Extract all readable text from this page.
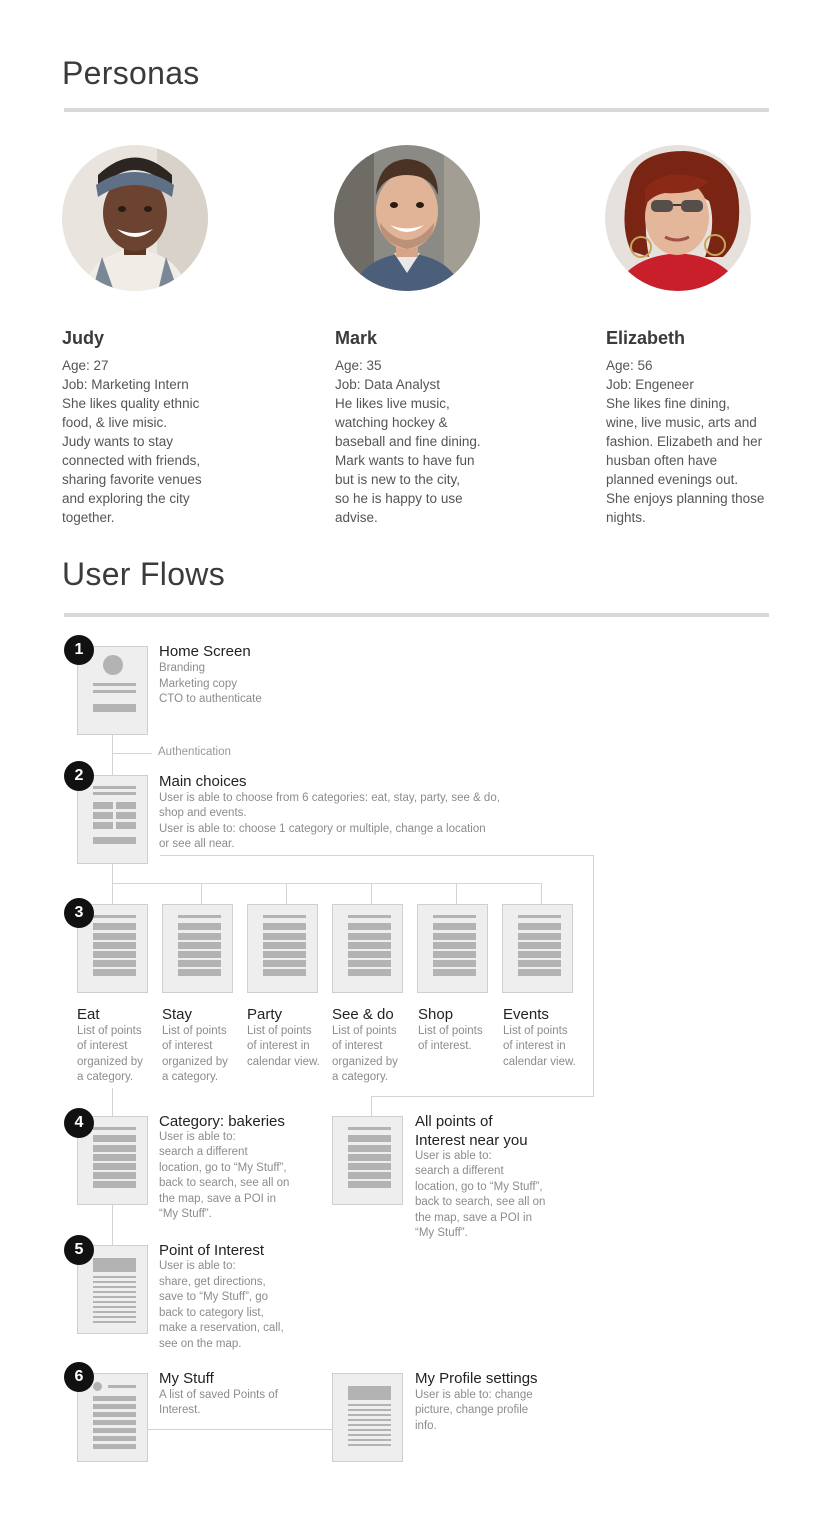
Personas
Judy
Age: 27
Job: Marketing Intern
She likes quality ethnic
food, & live misic.
Judy wants to stay
connected with friends,
sharing favorite venues
and exploring the city
together.
Mark
Age: 35
Job: Data Analyst
He likes live music,
watching hockey &
baseball and fine dining.
Mark wants to have fun
but is new to the city,
so he is happy to use
advise.
Elizabeth
Age: 56
Job: Engeneer
She likes fine dining,
wine, live music, arts and
fashion. Elizabeth and her
husban often have
planned evenings out.
She enjoys planning those
nights.
User Flows
Authentication
1	Home Screen
Branding
Marketing copy
CTO to authenticate
2	Main choices
User is able to choose from 6 categories: eat, stay, party, see & do,
shop and events.
User is able to: choose 1 category or multiple, change a location
or see all near.
3
Eat
List of points
of interest
organized by
a category.
Stay
List of points
of interest
organized by
a category.
Party
List of points
of interest in
calendar view.
See & do
List of points
of interest
organized by
a category.
Shop
List of points
of interest.
Events
List of points
of interest in
calendar view.
4	Category: bakeries
User is able to:
search a different
location, go to “My Stuff”,
back to search, see all on
the map, save a POI in
“My Stuff”.
All points of
Interest near you
User is able to:
search a different
location, go to “My Stuff”,
back to search, see all on
the map, save a POI in
“My Stuff”.
5	Point of Interest
User is able to:
share, get directions,
save to “My Stuff”, go
back to category list,
make a reservation, call,
see on the map.
6	My Stuff
A list of saved Points of
Interest.
My Profile settings
User is able to: change
picture, change profile
info.
